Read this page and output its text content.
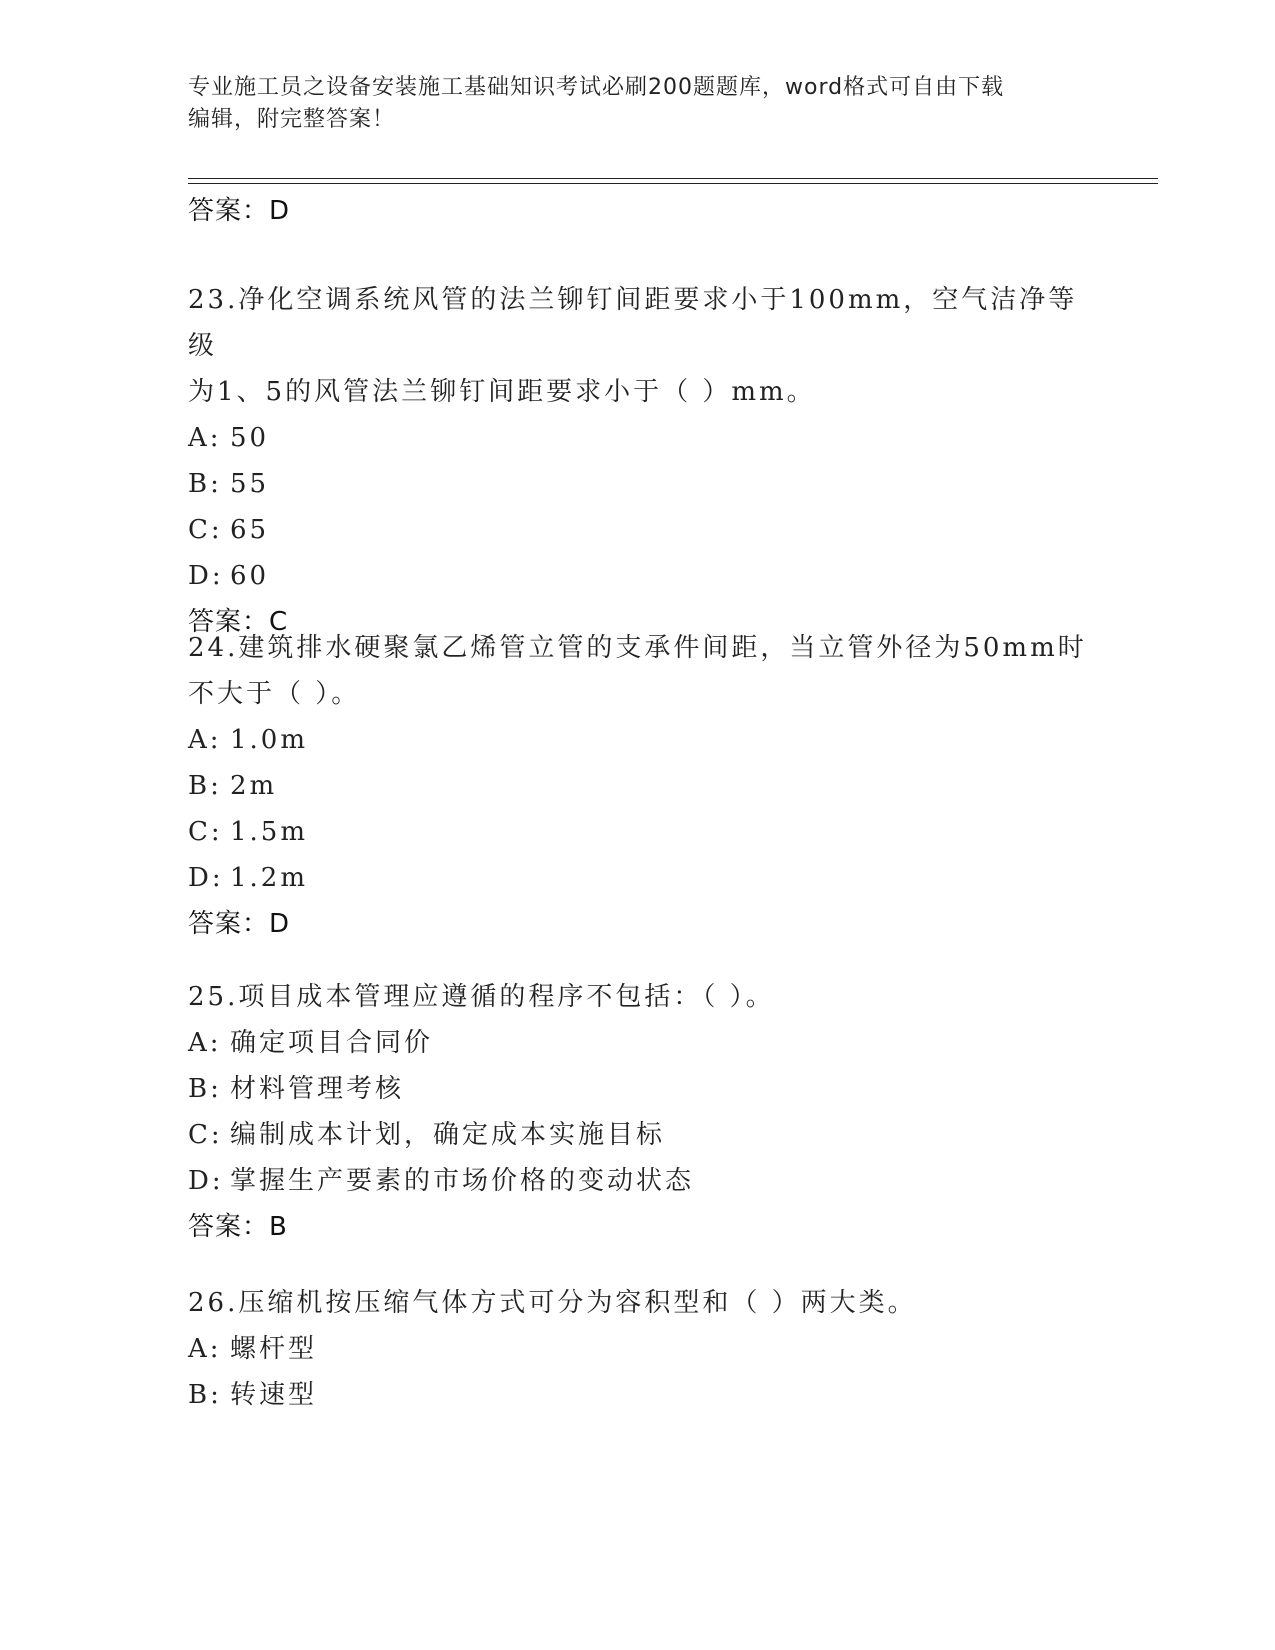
专业施工员之设备安装施工基础知识考试必刷200题题库，word格式可自由下载
编辑，附完整答案！
答案：D
23.净化空调系统风管的法兰铆钉间距要求小于100mm，空气洁净等级
为1、5的风管法兰铆钉间距要求小于（ ）mm。
A: 50
B: 55
C: 65
D: 60
答案：C
24.建筑排水硬聚氯乙烯管立管的支承件间距，当立管外径为50mm时
不大于（ ）。
A: 1.0m
B: 2m
C: 1.5m
D: 1.2m
答案：D
25.项目成本管理应遵循的程序不包括：（ ）。
A: 确定项目合同价
B: 材料管理考核
C: 编制成本计划，确定成本实施目标
D: 掌握生产要素的市场价格的变动状态
答案：B
26.压缩机按压缩气体方式可分为容积型和（ ）两大类。
A: 螺杆型
B: 转速型
